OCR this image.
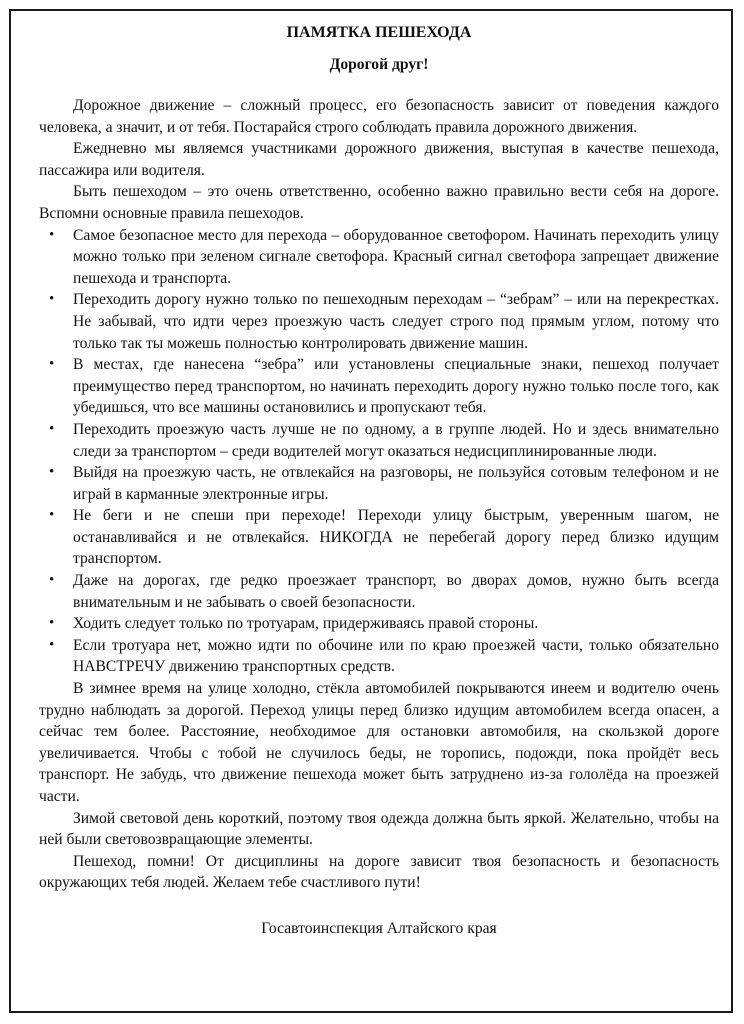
ПАМЯТКА ПЕШЕХОДА
Дорогой друг!

Дорожное движение – сложный процесс, его безопасность зависит от поведения каждого человека, а значит, и от тебя. Постарайся строго соблюдать правила дорожного движения.

Ежедневно мы являемся участниками дорожного движения, выступая в качестве пешехода, пассажира или водителя.

Быть пешеходом – это очень ответственно, особенно важно правильно вести себя на дороге. Вспомни основные правила пешеходов.

• Самое безопасное место для перехода – оборудованное светофором. Начинать переходить улицу можно только при зеленом сигнале светофора. Красный сигнал светофора запрещает движение пешехода и транспорта.
• Переходить дорогу нужно только по пешеходным переходам – “зебрам” – или на перекрестках. Не забывай, что идти через проезжую часть следует строго под прямым углом, потому что только так ты можешь полностью контролировать движение машин.
• В местах, где нанесена “зебра” или установлены специальные знаки, пешеход получает преимущество перед транспортом, но начинать переходить дорогу нужно только после того, как убедишься, что все машины остановились и пропускают тебя.
• Переходить проезжую часть лучше не по одному, а в группе людей. Но и здесь внимательно следи за транспортом – среди водителей могут оказаться недисциплинированные люди.
• Выйдя на проезжую часть, не отвлекайся на разговоры, не пользуйся сотовым телефоном и не играй в карманные электронные игры.
• Не беги и не спеши при переходе! Переходи улицу быстрым, уверенным шагом, не останавливайся и не отвлекайся. НИКОГДА не перебегай дорогу перед близко идущим транспортом.
• Даже на дорогах, где редко проезжает транспорт, во дворах домов, нужно быть всегда внимательным и не забывать о своей безопасности.
• Ходить следует только по тротуарам, придерживаясь правой стороны.
• Если тротуара нет, можно идти по обочине или по краю проезжей части, только обязательно НАВСТРЕЧУ движению транспортных средств.

В зимнее время на улице холодно, стёкла автомобилей покрываются инеем и водителю очень трудно наблюдать за дорогой. Переход улицы перед близко идущим автомобилем всегда опасен, а сейчас тем более. Расстояние, необходимое для остановки автомобиля, на скользкой дороге увеличивается. Чтобы с тобой не случилось беды, не торопись, подожди, пока пройдёт весь транспорт. Не забудь, что движение пешехода может быть затруднено из-за гололёда на проезжей части.

Зимой световой день короткий, поэтому твоя одежда должна быть яркой. Желательно, чтобы на ней были световозвращающие элементы.

Пешеход, помни! От дисциплины на дороге зависит твоя безопасность и безопасность окружающих тебя людей. Желаем тебе счастливого пути!

Госавтоинспекция Алтайского края
